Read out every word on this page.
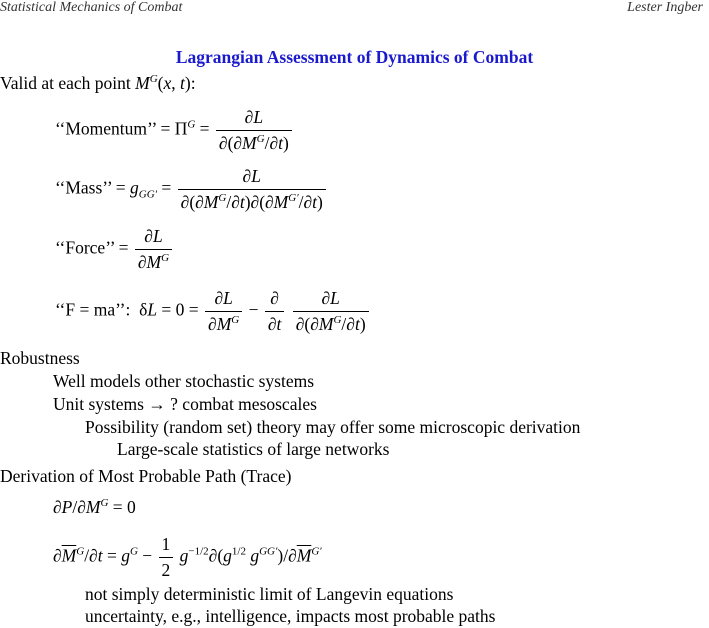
Statistical Mechanics of Combat	Lester Ingber
Lagrangian Assessment of Dynamics of Combat
Valid at each point $M^G(x$, t):
‘‘Momentum’’ = $\Pi^G = \frac{\partial L}{\partial(\partial M^G/\partial t)}$
‘‘Mass’’ = $g_{GG'} = \frac{\partial L}{\partial(\partial M^G/\partial t)\partial(\partial M^{G'}/\partial t)}$
‘‘Force’’ = $\frac{\partial L}{\partial M^G}$
‘‘F = ma’’:  $\delta L = 0 = \frac{\partial L}{\partial M^G} - \frac{\partial}{\partial t}$
$\frac{\partial L}{\partial(\partial M^G/\partial t)}$
Robustness
Well models other stochastic systems
Unit systems → ? combat mesoscales
Possibility (random set) theory may offer some microscopic derivation
Large-scale statistics of large networks
Derivation of Most Probable Path (Trace)
$\partial P/\partial M^G = 0$
$\partial\overline{M}^G/\partial t = g^G - \frac{1}{2} g^{-1/2}\partial(g^{1/2}$ $g^{GG'})/\partial\overline{M}^{G'}$
not simply deterministic limit of Langevin equations
uncertainty, e.g., intelligence, impacts most probable paths
